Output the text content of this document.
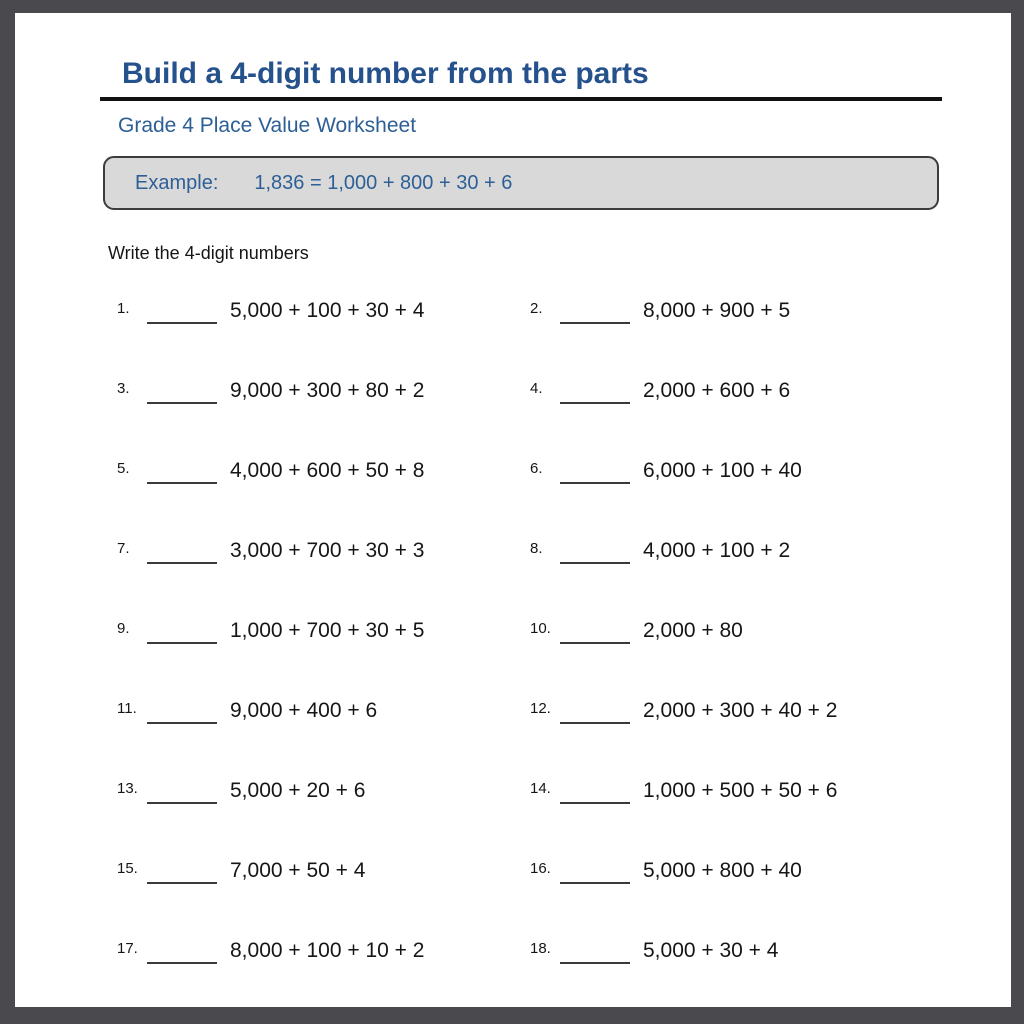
Build a 4-digit number from the parts
Grade 4 Place Value Worksheet
Example: 1,836 = 1,000 + 800 + 30 + 6
Write the 4-digit numbers
1.	5,000 + 100 + 30 + 4	2.	8,000 + 900 + 5
3.	9,000 + 300 + 80 + 2	4.	2,000 + 600 + 6
5.	4,000 + 600 + 50 + 8	6.	6,000 + 100 + 40
7.	3,000 + 700 + 30 + 3	8.	4,000 + 100 + 2
9.	1,000 + 700 + 30 + 5	10.	2,000 + 80
11.	9,000 + 400 + 6	12.	2,000 + 300 + 40 + 2
13.	5,000 + 20 + 6	14.	1,000 + 500 + 50 + 6
15.	7,000 + 50 + 4	16.	5,000 + 800 + 40
17.	8,000 + 100 + 10 + 2	18.	5,000 + 30 + 4
